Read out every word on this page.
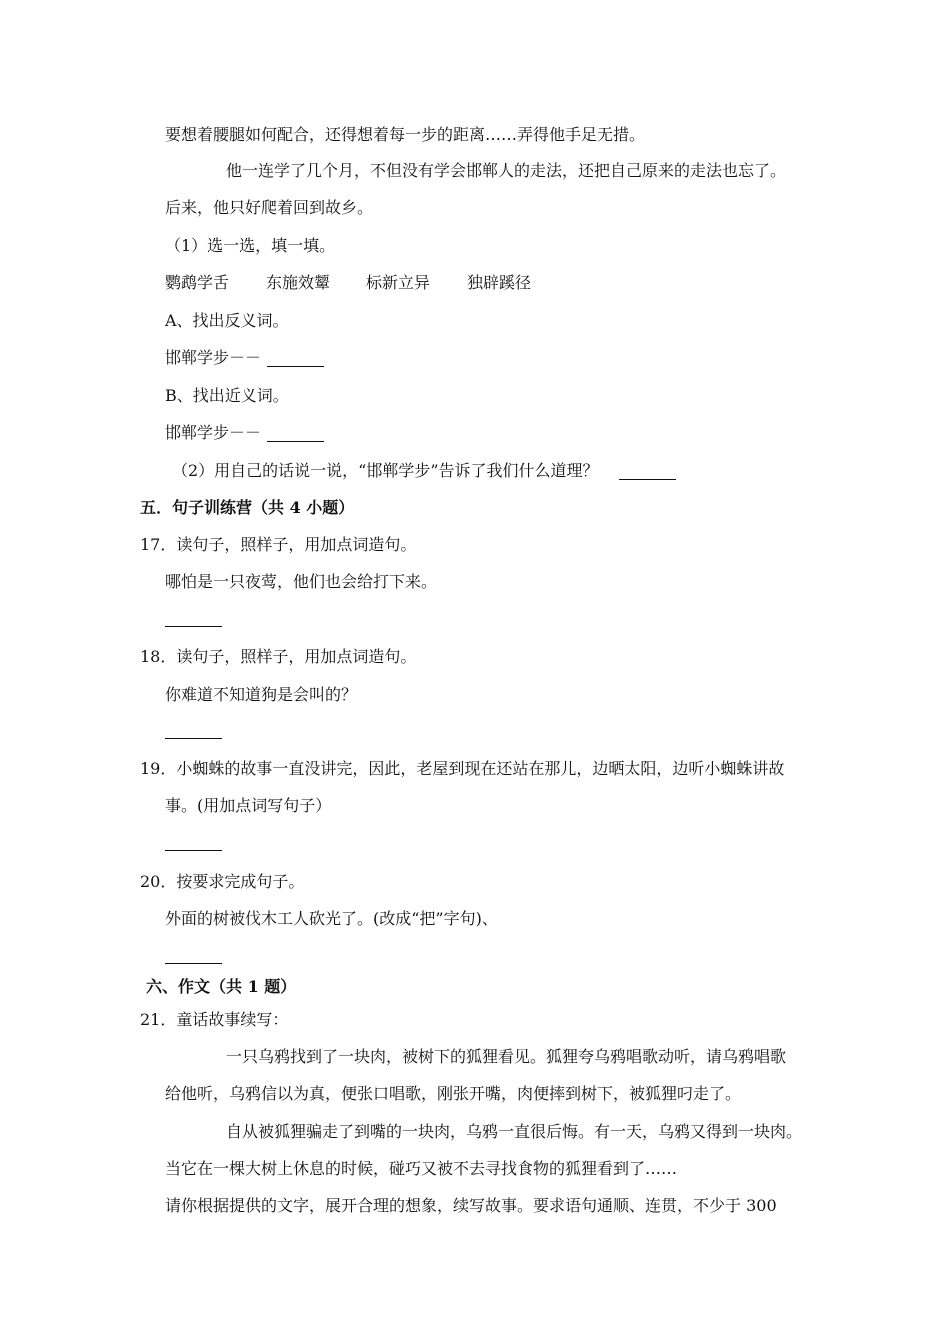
要想着腰腿如何配合，还得想着每一步的距离……弄得他手足无措。
他一连学了几个月，不但没有学会邯郸人的走法，还把自己原来的走法也忘了。
后来，他只好爬着回到故乡。
（1）选一选，填一填。
鹦鹉学舌 东施效颦 标新立异 独辟蹊径
A、找出反义词。
邯郸学步－－
B、找出近义词。
邯郸学步－－
（2）用自己的话说一说，“邯郸学步”告诉了我们什么道理？
五．句子训练营（共 4 小题）
17．读句子，照样子，用加点词造句。
哪怕是一只夜莺，他们也会给打下来。
18．读句子，照样子，用加点词造句。
你难道不知道狗是会叫的？
19．小蜘蛛的故事一直没讲完，因此，老屋到现在还站在那儿，边晒太阳，边听小蜘蛛讲故
事。(用加点词写句子）
20．按要求完成句子。
外面的树被伐木工人砍光了。(改成“把”字句)、
六、作文（共 1 题）
21．童话故事续写：
一只乌鸦找到了一块肉，被树下的狐狸看见。狐狸夸乌鸦唱歌动听，请乌鸦唱歌
给他听，乌鸦信以为真，便张口唱歌，刚张开嘴，肉便摔到树下，被狐狸叼走了。
自从被狐狸骗走了到嘴的一块肉，乌鸦一直很后悔。有一天，乌鸦又得到一块肉。
当它在一棵大树上休息的时候，碰巧又被不去寻找食物的狐狸看到了……
请你根据提供的文字，展开合理的想象，续写故事。要求语句通顺、连贯，不少于 300
